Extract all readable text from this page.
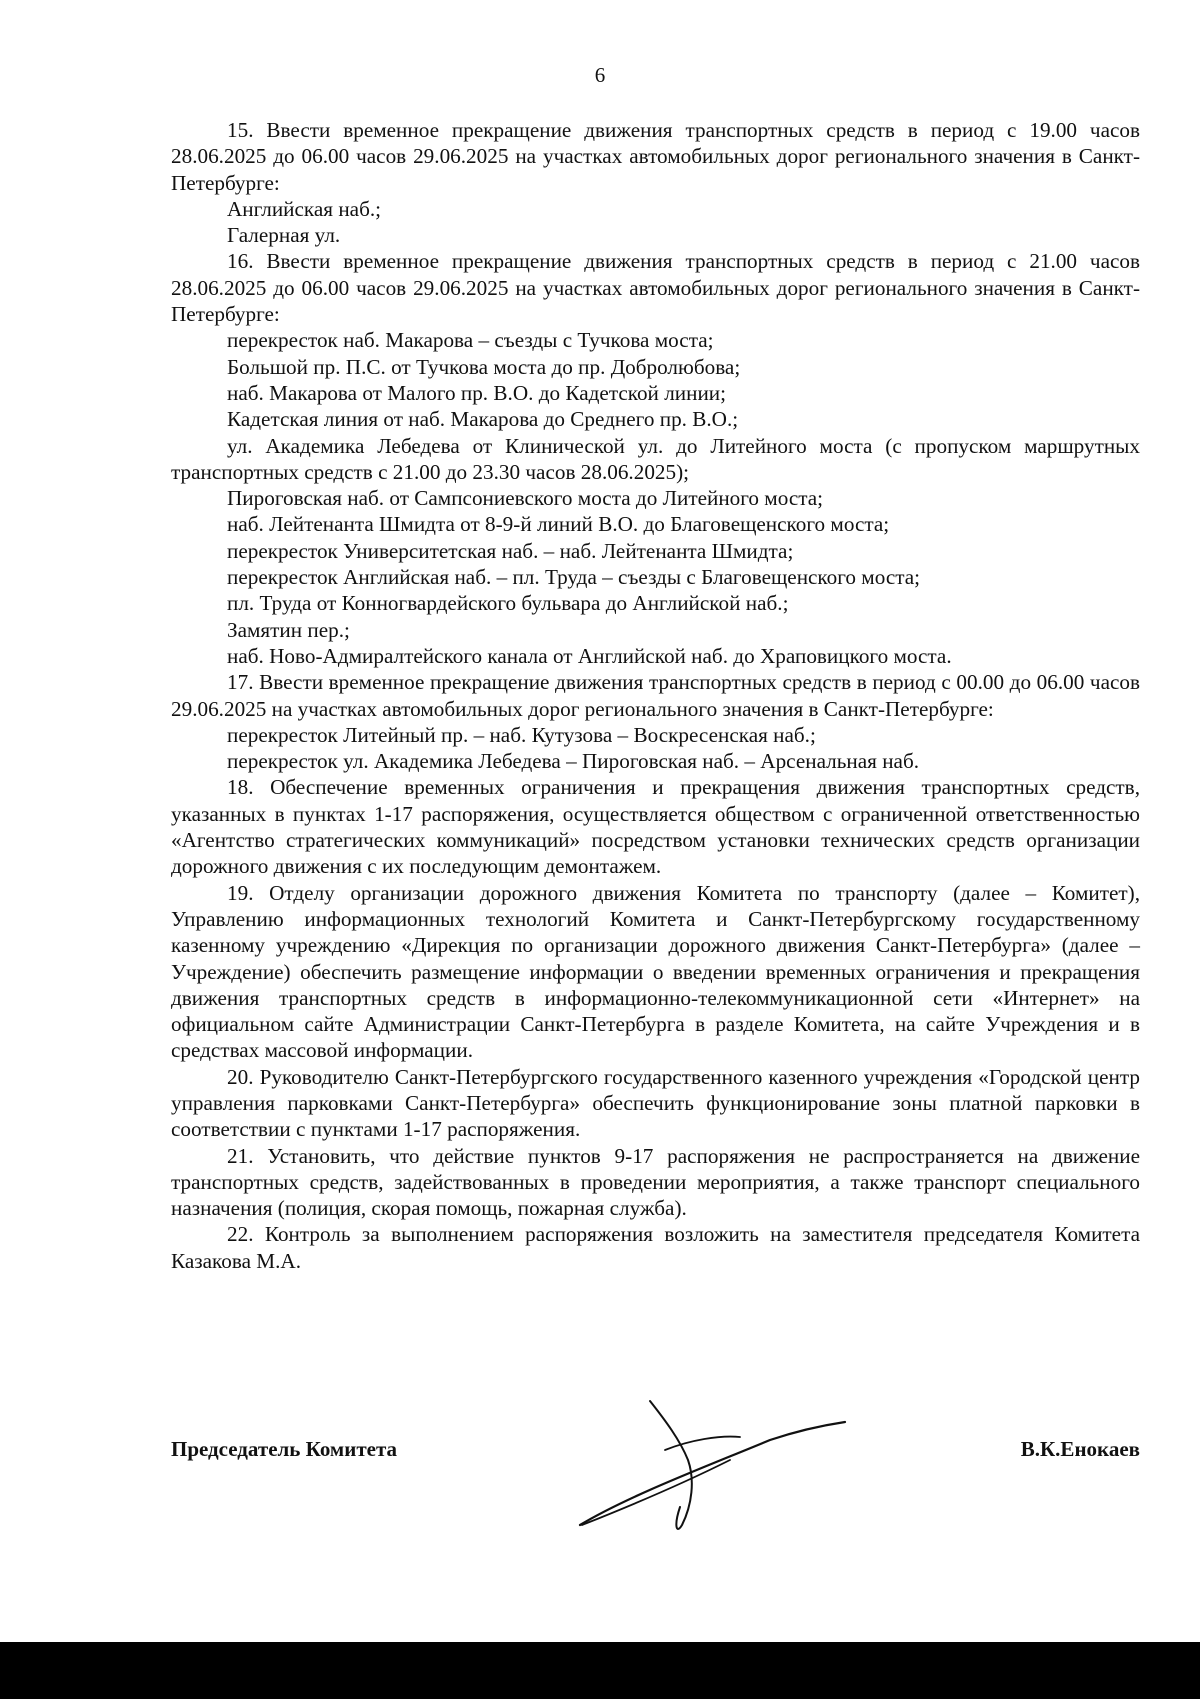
6

15. Ввести временное прекращение движения транспортных средств в период с 19.00 часов 28.06.2025 до 06.00 часов 29.06.2025 на участках автомобильных дорог регионального значения в Санкт-Петербурге:

Английская наб.;

Галерная ул.

16. Ввести временное прекращение движения транспортных средств в период с 21.00 часов 28.06.2025 до 06.00 часов 29.06.2025 на участках автомобильных дорог регионального значения в Санкт-Петербурге:

перекресток наб. Макарова – съезды с Тучкова моста;

Большой пр. П.С. от Тучкова моста до пр. Добролюбова;

наб. Макарова от Малого пр. В.О. до Кадетской линии;

Кадетская линия от наб. Макарова до Среднего пр. В.О.;

ул. Академика Лебедева от Клинической ул. до Литейного моста (с пропуском маршрутных транспортных средств с 21.00 до 23.30 часов 28.06.2025);

Пироговская наб. от Сампсониевского моста до Литейного моста;

наб. Лейтенанта Шмидта от 8-9-й линий В.О. до Благовещенского моста;

перекресток Университетская наб. – наб. Лейтенанта Шмидта;

перекресток Английская наб. – пл. Труда – съезды с Благовещенского моста;

пл. Труда от Конногвардейского бульвара до Английской наб.;

Замятин пер.;

наб. Ново-Адмиралтейского канала от Английской наб. до Храповицкого моста.

17. Ввести временное прекращение движения транспортных средств в период с 00.00 до 06.00 часов 29.06.2025 на участках автомобильных дорог регионального значения в Санкт-Петербурге:

перекресток Литейный пр. – наб. Кутузова – Воскресенская наб.;

перекресток ул. Академика Лебедева – Пироговская наб. – Арсенальная наб.

18. Обеспечение временных ограничения и прекращения движения транспортных средств, указанных в пунктах 1-17 распоряжения, осуществляется обществом с ограниченной ответственностью «Агентство стратегических коммуникаций» посредством установки технических средств организации дорожного движения с их последующим демонтажем.

19. Отделу организации дорожного движения Комитета по транспорту (далее – Комитет), Управлению информационных технологий Комитета и Санкт-Петербургскому государственному казенному учреждению «Дирекция по организации дорожного движения Санкт-Петербурга» (далее – Учреждение) обеспечить размещение информации о введении временных ограничения и прекращения движения транспортных средств в информационно-телекоммуникационной сети «Интернет» на официальном сайте Администрации Санкт-Петербурга в разделе Комитета, на сайте Учреждения и в средствах массовой информации.

20. Руководителю Санкт-Петербургского государственного казенного учреждения «Городской центр управления парковками Санкт-Петербурга» обеспечить функционирование зоны платной парковки в соответствии с пунктами 1-17 распоряжения.

21. Установить, что действие пунктов 9-17 распоряжения не распространяется на движение транспортных средств, задействованных в проведении мероприятия, а также транспорт специального назначения (полиция, скорая помощь, пожарная служба).

22. Контроль за выполнением распоряжения возложить на заместителя председателя Комитета Казакова М.А.

Председатель Комитета	В.К.Енокаев
